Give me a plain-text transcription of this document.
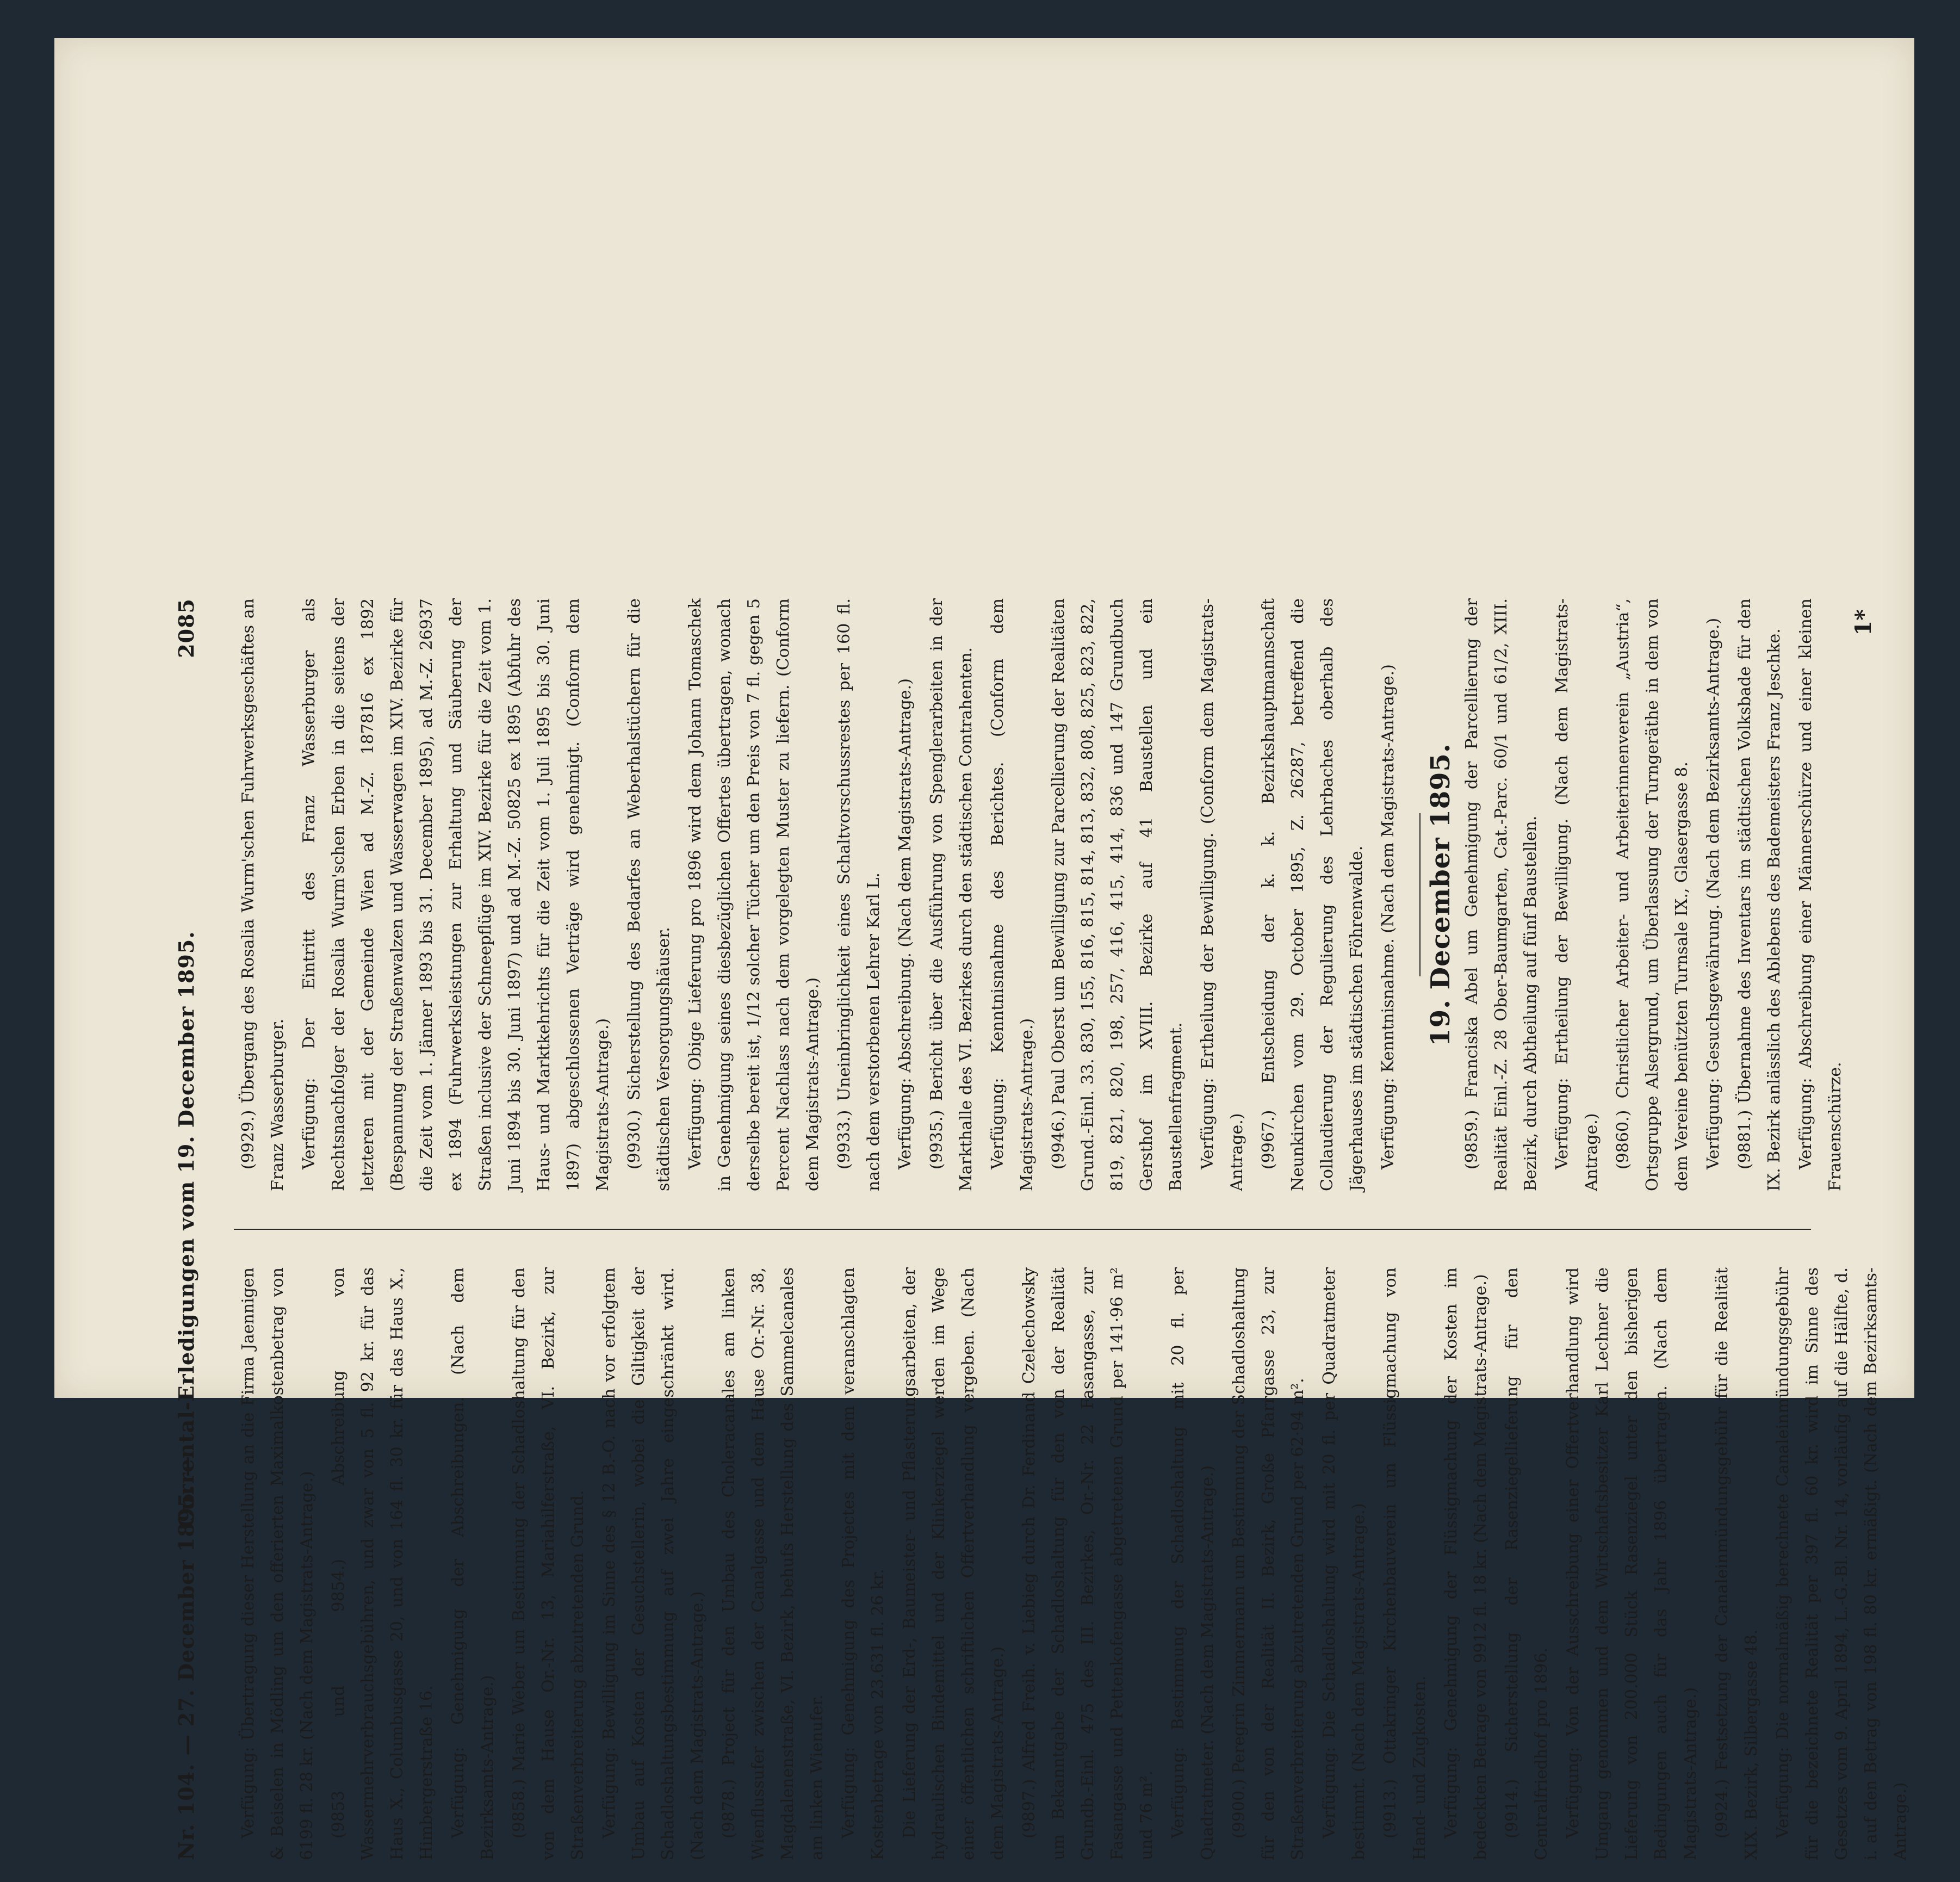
Nr. 104. — 27. December 1895. —
Currental-Erledigungen vom 19. December 1895.
2085

Verfügung: Übertragung dieser Herstellung an die Firma Jaennigen & Beiselen in Mödling um den offerierten Maximalkostenbetrag von 6199 fl. 28 kr. (Nach dem Magistrats-Antrage.) (9853 und 9854.) Abschreibung von Wassermehrverbrauchsgebühren, und zwar von 5 fl. 92 kr. für das Haus X., Columbusgasse 20, und von 164 fl. 30 kr. für das Haus X., Himbergerstraße 16. Verfügung: Genehmigung der Abschreibungen. (Nach dem Bezirksamts-Antrage.) (9858.) Marie Weber um Bestimmung der Schadloshaltung für den von dem Hause Or.-Nr. 13, Mariahilferstraße, VI. Bezirk, zur Straßenverbreiterung abzutretenden Grund. Verfügung: Bewilligung im Sinne des § 12 B.-O. nach vor erfolgtem Umbau auf Kosten der Gesuchstellerin, wobei die Giltigkeit der Schadloshaltungsbestimmung auf zwei Jahre eingeschränkt wird. (Nach dem Magistrats-Antrage.) (9878.) Project für den Umbau des Choleracanales am linken Wienflussufer zwischen der Canalgasse und dem Hause Or.-Nr. 38, Magdalenenstraße, VI. Bezirk, behufs Herstellung des Sammelcanales am linken Wienufer. Verfügung: Genehmigung des Projectes mit dem veranschlagten Kostenbetrage von 23.631 fl. 26 kr. Die Lieferung der Erd-, Baumeister- und Pflasterungsarbeiten, der hydraulischen Bindemittel und der Klinkerziegel werden im Wege einer öffentlichen schriftlichen Offertverhandlung vergeben. (Nach dem Magistrats-Antrage.) (9897.) Alfred Freih. v. Liebieg durch Dr. Ferdinand Czelechowsky um Bekanntgabe der Schadloshaltung für den von der Realität Grundb.-Einl. 475 des III. Bezirkes, Or.-Nr. 22 Fasangasse, zur Fasangasse und Pettenkofengasse abgetretenen Grund per 141·96 m² und 76 m². Verfügung: Bestimmung der Schadloshaltung mit 20 fl. per Quadratmeter. (Nach dem Magistrats-Antrage.) (9900.) Peregrin Zimmermann um Bestimmung der Schadloshaltung für den von der Realität II. Bezirk, Große Pfarrgasse 23, zur Straßenverbreiterung abzutretenden Grund per 62·94 m². Verfügung: Die Schadloshaltung wird mit 20 fl. per Quadratmeter bestimmt. (Nach dem Magistrats-Antrage.) (9913.) Ottakringer Kirchenbauverein um Flüssigmachung von Hand- und Zugkosten. Verfügung: Genehmigung der Flüssigmachung der Kosten im bedeckten Betrage von 9912 fl. 18 kr. (Nach dem Magistrats-Antrage.) (9914.) Sicherstellung der Rasenziegellieferung für den Centralfriedhof pro 1896. Verfügung: Von der Ausschreibung einer Offertverhandlung wird Umgang genommen und dem Wirtschaftsbesitzer Karl Lechner die Lieferung von 200.000 Stück Rasenziegel unter den bisherigen Bedingungen auch für das Jahr 1896 übertragen. (Nach dem Magistrats-Antrage.) (9924.) Festsetzung der Canaleinmündungsgebühr für die Realität XIX. Bezirk, Silbergasse 48. Verfügung: Die normalmäßig berechnete Canaleinmündungsgebühr für die bezeichnete Realität per 397 fl. 60 kr. wird im Sinne des Gesetzes vom 9. April 1894, L.-G.-Bl. Nr. 14, vorläufig auf die Hälfte, d. i. auf den Betrag von 198 fl. 80 kr. ermäßigt. (Nach dem Bezirksamts-Antrage.)

(9929.) Übergang des Rosalia Wurm'schen Fuhrwerksgeschäftes an Franz Wasserburger. Verfügung: Der Eintritt des Franz Wasserburger als Rechtsnachfolger der Rosalia Wurm'schen Erben in die seitens der letzteren mit der Gemeinde Wien ad M.-Z. 187816 ex 1892 (Bespannung der Straßenwalzen und Wasserwagen im XIV. Bezirke für die Zeit vom 1. Jänner 1893 bis 31. December 1895), ad M.-Z. 26937 ex 1894 (Fuhrwerksleistungen zur Erhaltung und Säuberung der Straßen inclusive der Schneepflüge im XIV. Bezirke für die Zeit vom 1. Juni 1894 bis 30. Juni 1897) und ad M.-Z. 50825 ex 1895 (Abfuhr des Haus- und Marktkehrichts für die Zeit vom 1. Juli 1895 bis 30. Juni 1897) abgeschlossenen Verträge wird genehmigt. (Conform dem Magistrats-Antrage.) (9930.) Sicherstellung des Bedarfes an Weberhalstüchern für die städtischen Versorgungshäuser. Verfügung: Obige Lieferung pro 1896 wird dem Johann Tomaschek in Genehmigung seines diesbezüglichen Offertes übertragen, wonach derselbe bereit ist, 1/12 solcher Tücher um den Preis von 7 fl. gegen 5 Percent Nachlass nach dem vorgelegten Muster zu liefern. (Conform dem Magistrats-Antrage.) (9933.) Uneinbringlichkeit eines Schaltvorschussrestes per 160 fl. nach dem verstorbenen Lehrer Karl L. Verfügung: Abschreibung. (Nach dem Magistrats-Antrage.) (9935.) Bericht über die Ausführung von Spenglerarbeiten in der Markthalle des VI. Bezirkes durch den städtischen Contrahenten. Verfügung: Kenntnisnahme des Berichtes. (Conform dem Magistrats-Antrage.) (9946.) Paul Oberst um Bewilligung zur Parcellierung der Realitäten Grund.-Einl. 33. 830, 155, 816, 815, 814, 813, 832, 808, 825, 823, 822, 819, 821, 820, 198, 257, 416, 415, 414, 836 und 147 Grundbuch Gersthof im XVIII. Bezirke auf 41 Baustellen und ein Baustellenfragment. Verfügung: Ertheilung der Bewilligung. (Conform dem Magistrats-Antrage.) (9967.) Entscheidung der k. k. Bezirkshauptmannschaft Neunkirchen vom 29. October 1895, Z. 26287, betreffend die Collaudierung der Regulierung des Lehrbaches oberhalb des Jägerhauses im städtischen Föhrenwalde. Verfügung: Kenntnisnahme. (Nach dem Magistrats-Antrage.) 19. December 1895. (9859.) Franciska Abel um Genehmigung der Parcellierung der Realität Einl.-Z. 28 Ober-Baumgarten, Cat.-Parc. 60/1 und 61/2, XIII. Bezirk, durch Abtheilung auf fünf Baustellen. Verfügung: Ertheilung der Bewilligung. (Nach dem Magistrats-Antrage.) (9860.) Christlicher Arbeiter- und Arbeiterinnenverein „Austria“, Ortsgruppe Alsergrund, um Überlassung der Turngeräthe in dem von dem Vereine benützten Turnsale IX., Glasergasse 8. Verfügung: Gesuchsgewährung. (Nach dem Bezirksamts-Antrage.) (9881.) Übernahme des Inventars im städtischen Volksbade für den IX. Bezirk anlässlich des Ablebens des Bademeisters Franz Jeschke. Verfügung: Abschreibung einer Männerschürze und einer kleinen Frauenschürze.

1*
